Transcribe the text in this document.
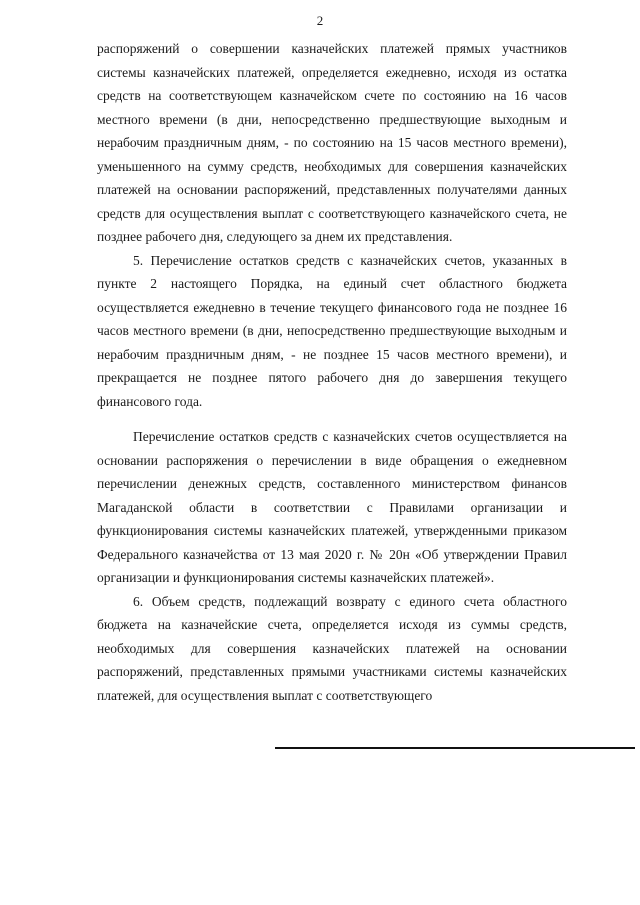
2

распоряжений о совершении казначейских платежей прямых участников системы казначейских платежей, определяется ежедневно, исходя из остатка средств на соответствующем казначейском счете по состоянию на 16 часов местного времени (в дни, непосредственно предшествующие выходным и нерабочим праздничным дням, - по состоянию на 15 часов местного времени), уменьшенного на сумму средств, необходимых для совершения казначейских платежей на основании распоряжений, представленных получателями данных средств для осуществления выплат с соответствующего казначейского счета, не позднее рабочего дня, следующего за днем их представления.

5. Перечисление остатков средств с казначейских счетов, указанных в пункте 2 настоящего Порядка, на единый счет областного бюджета осуществляется ежедневно в течение текущего финансового года не позднее 16 часов местного времени (в дни, непосредственно предшествующие выходным и нерабочим праздничным дням, - не позднее 15 часов местного времени), и прекращается не позднее пятого рабочего дня до завершения текущего финансового года.

Перечисление остатков средств с казначейских счетов осуществляется на основании распоряжения о перечислении в виде обращения о ежедневном перечислении денежных средств, составленного министерством финансов Магаданской области в соответствии с Правилами организации и функционирования системы казначейских платежей, утвержденными приказом Федерального казначейства от 13 мая 2020 г. № 20н «Об утверждении Правил организации и функционирования системы казначейских платежей».

6. Объем средств, подлежащий возврату с единого счета областного бюджета на казначейские счета, определяется исходя из суммы средств, необходимых для совершения казначейских платежей на основании распоряжений, представленных прямыми участниками системы казначейских платежей, для осуществления выплат с соответствующего
